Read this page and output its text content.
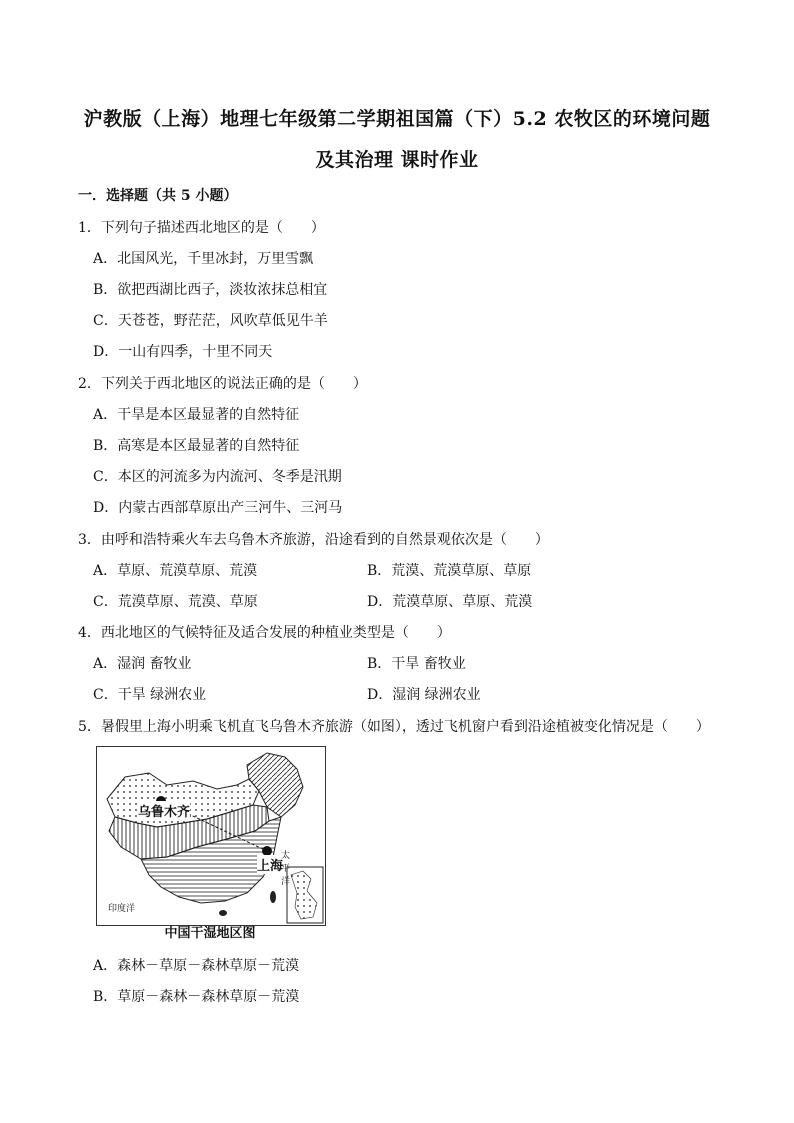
沪教版（上海）地理七年级第二学期祖国篇（下）5.2 农牧区的环境问题
及其治理 课时作业
一．选择题（共 5 小题）
1．下列句子描述西北地区的是（　　）
A．北国风光，千里冰封，万里雪飘
B．欲把西湖比西子，淡妆浓抹总相宜
C．天苍苍，野茫茫，风吹草低见牛羊
D．一山有四季，十里不同天
2．下列关于西北地区的说法正确的是（　　）
A．干旱是本区最显著的自然特征
B．高寒是本区最显著的自然特征
C．本区的河流多为内流河、冬季是汛期
D．内蒙古西部草原出产三河牛、三河马
3．由呼和浩特乘火车去乌鲁木齐旅游，沿途看到的自然景观依次是（　　）
A．草原、荒漠草原、荒漠	B．荒漠、荒漠草原、草原
C．荒漠草原、荒漠、草原	D．荒漠草原、草原、荒漠
4．西北地区的气候特征及适合发展的种植业类型是（　　）
A．湿润 畜牧业	B．干旱 畜牧业
C．干旱 绿洲农业	D．湿润 绿洲农业
5．暑假里上海小明乘飞机直飞乌鲁木齐旅游（如图），透过飞机窗户看到沿途植被变化情况是（　　）
乌鲁木齐
上海
印度洋
太
平
洋
中国干湿地区图
A．森林－草原－森林草原－荒漠
B．草原－森林－森林草原－荒漠
